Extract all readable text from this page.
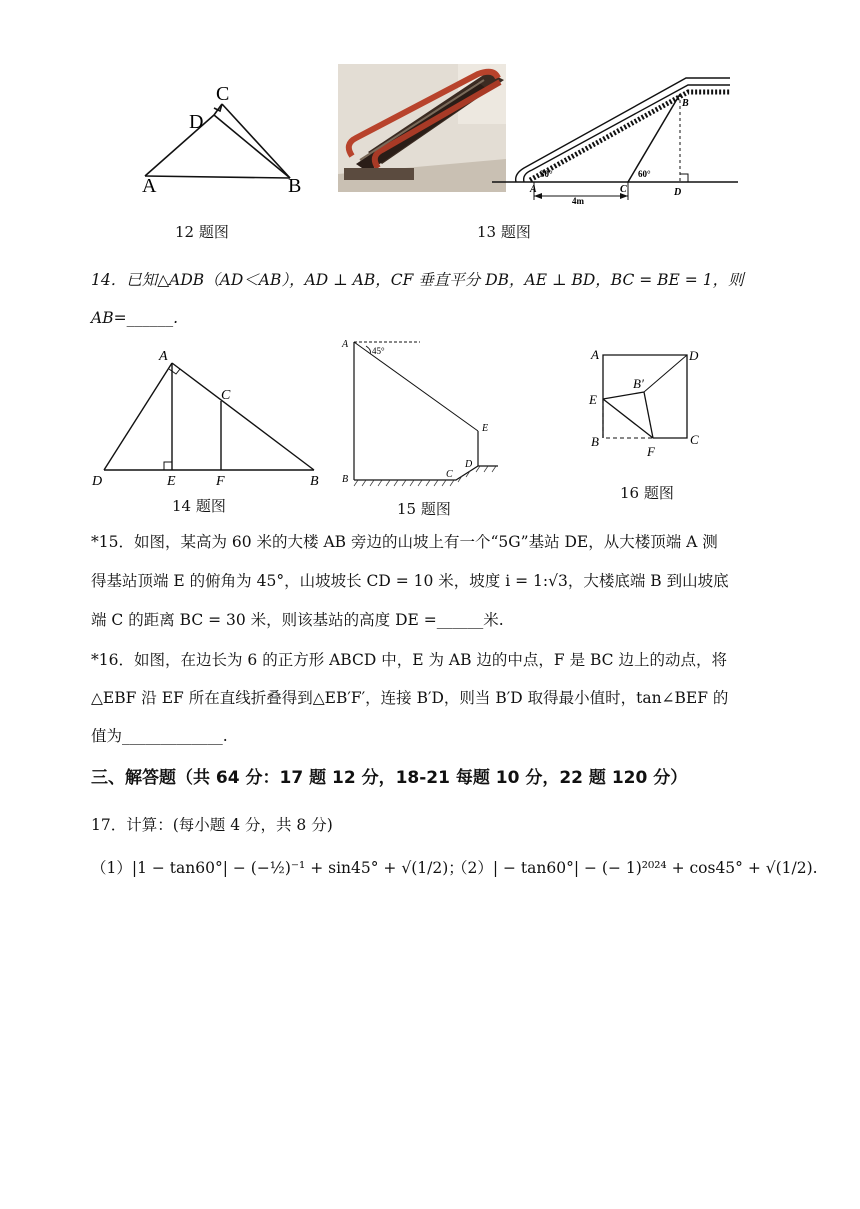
A	B
C
D
12 题图
A
B
C	D
30°	60°
4m
13 题图
14．已知△ADB（AD＜AB），AD ⊥ AB，CF 垂直平分 DB，AE ⊥ BD，BC = BE = 1，则
AB=______.
A
B
C
D	E	F
14 题图
A
B	C
D
E
45°
15 题图
A
B
B′
C
D
E
F
16 题图
*15．如图，某高为 60 米的大楼 AB 旁边的山坡上有一个“5G”基站 DE，从大楼顶端 A 测
得基站顶端 E 的俯角为 45°，山坡坡长 CD = 10 米，坡度 i = 1:√3，大楼底端 B 到山坡底
端 C 的距离 BC = 30 米，则该基站的高度 DE =______米.
*16．如图，在边长为 6 的正方形 ABCD 中，E 为 AB 边的中点，F 是 BC 边上的动点，将
△EBF 沿 EF 所在直线折叠得到△EB′F′，连接 B′D，则当 B′D 取得最小值时，tan∠BEF 的
值为_____________.
三、解答题（共 64 分：17 题 12 分，18-21 每题 10 分，22 题 120 分）
17．计算：(每小题 4 分，共 8 分)
（1）|1 − tan60°| − (−½)⁻¹ + sin45° + √(1/2)；
（2）| − tan60°| − (− 1)²⁰²⁴ + cos45° + √(1/2).
